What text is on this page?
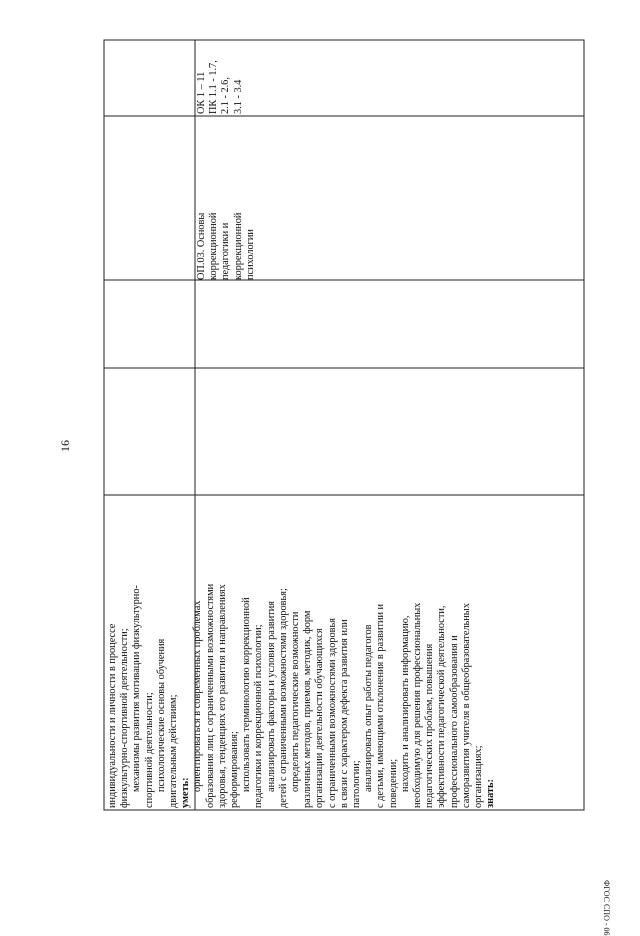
16
индивидуальности и личности в процессе физкультурно-спортивной деятельности; механизмы развития мотивации физкультурно- спортивной деятельности; психологические основы обучения двигательным действиям; уметь:
ориентироваться в современных проблемах образования лиц с ограниченными возможностями здоровья, тенденциях его развития и направлениях реформирования; использовать терминологию коррекционной педагогики и коррекционной психологии; анализировать факторы и условия развития детей с ограниченными возможностями здоровья; определять педагогические возможности различных методов, приемов, методик, форм организации деятельности обучающихся с ограниченными возможностями здоровья в связи с характером дефекта развития или патологии; анализировать опыт работы педагогов с детьми, имеющими отклонения в развитии и поведении; находить и анализировать информацию, необходимую для решения профессиональных педагогических проблем, повышения эффективности педагогической деятельности, профессионального самообразования и саморазвития учителя в общеобразовательных организациях; знать:
ОП.03. Основы коррекционной педагогики и коррекционной психологии
ОК 1 – 11 ПК 1.1 - 1.7, 2.1 - 2.6, 3.1 - 3.4
ФГОС СПО - 06
